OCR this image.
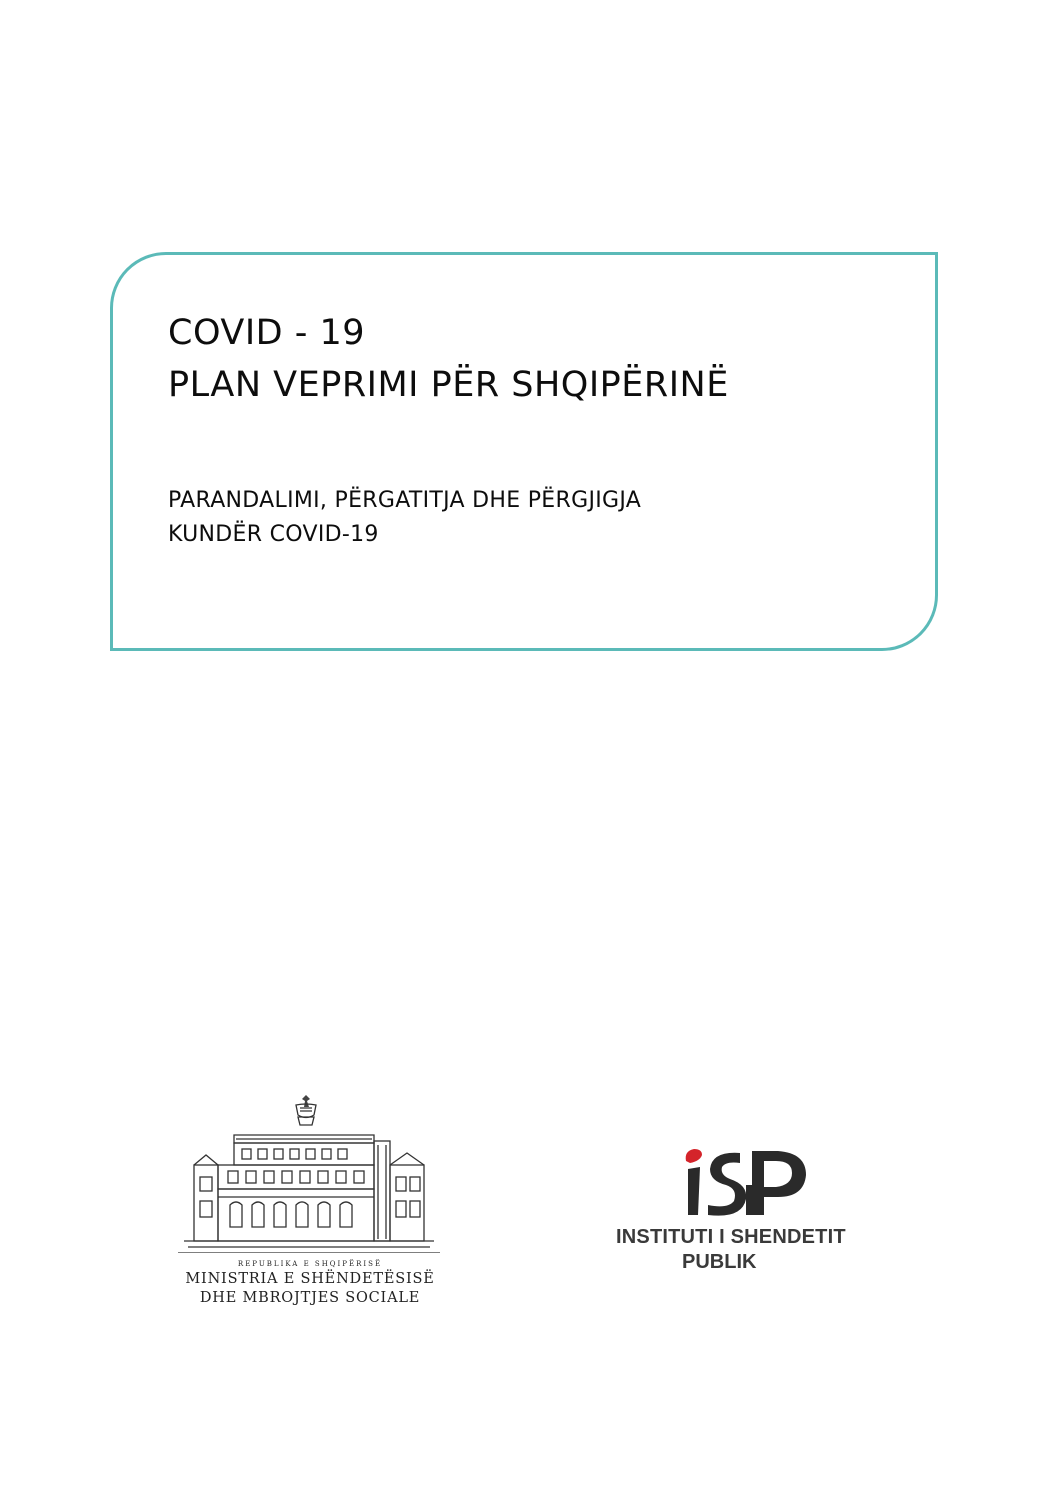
COVID - 19
PLAN VEPRIMI PËR SHQIPËRINË
PARANDALIMI, PËRGATITJA DHE PËRGJIGJA
KUNDËR COVID-19
REPUBLIKA E SHQIPËRISË
MINISTRIA E SHËNDETËSISË
DHE MBROJTJES SOCIALE
INSTITUTI I SHENDETIT
PUBLIK
